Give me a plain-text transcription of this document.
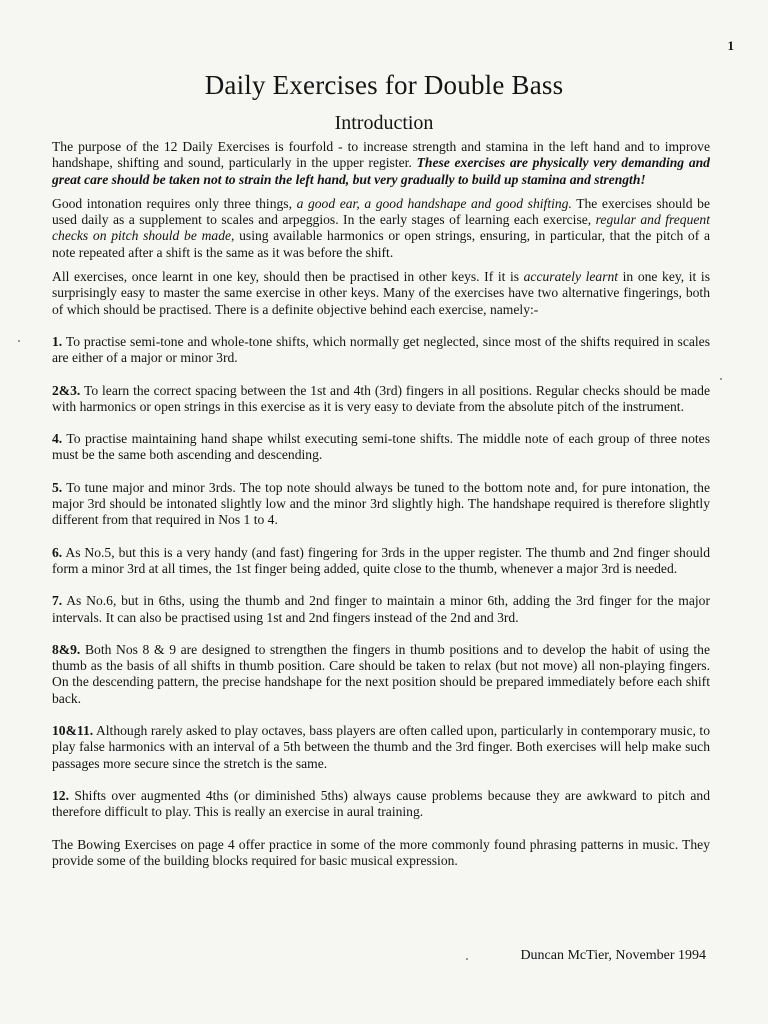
1
Daily Exercises for Double Bass
Introduction

The purpose of the 12 Daily Exercises is fourfold - to increase strength and stamina in the left hand and to improve handshape, shifting and sound, particularly in the upper register. These exercises are physically very demanding and great care should be taken not to strain the left hand, but very gradually to build up stamina and strength!

Good intonation requires only three things, a good ear, a good handshape and good shifting. The exercises should be used daily as a supplement to scales and arpeggios. In the early stages of learning each exercise, regular and frequent checks on pitch should be made, using available harmonics or open strings, ensuring, in particular, that the pitch of a note repeated after a shift is the same as it was before the shift.

All exercises, once learnt in one key, should then be practised in other keys. If it is accurately learnt in one key, it is surprisingly easy to master the same exercise in other keys. Many of the exercises have two alternative fingerings, both of which should be practised. There is a definite objective behind each exercise, namely:-

1. To practise semi-tone and whole-tone shifts, which normally get neglected, since most of the shifts required in scales are either of a major or minor 3rd.

2&3. To learn the correct spacing between the 1st and 4th (3rd) fingers in all positions. Regular checks should be made with harmonics or open strings in this exercise as it is very easy to deviate from the absolute pitch of the instrument.

4. To practise maintaining hand shape whilst executing semi-tone shifts. The middle note of each group of three notes must be the same both ascending and descending.

5. To tune major and minor 3rds. The top note should always be tuned to the bottom note and, for pure intonation, the major 3rd should be intonated slightly low and the minor 3rd slightly high. The handshape required is therefore slightly different from that required in Nos 1 to 4.

6. As No.5, but this is a very handy (and fast) fingering for 3rds in the upper register. The thumb and 2nd finger should form a minor 3rd at all times, the 1st finger being added, quite close to the thumb, whenever a major 3rd is needed.

7. As No.6, but in 6ths, using the thumb and 2nd finger to maintain a minor 6th, adding the 3rd finger for the major intervals. It can also be practised using 1st and 2nd fingers instead of the 2nd and 3rd.

8&9. Both Nos 8 & 9 are designed to strengthen the fingers in thumb positions and to develop the habit of using the thumb as the basis of all shifts in thumb position. Care should be taken to relax (but not move) all non-playing fingers. On the descending pattern, the precise handshape for the next position should be prepared immediately before each shift back.

10&11. Although rarely asked to play octaves, bass players are often called upon, particularly in contemporary music, to play false harmonics with an interval of a 5th between the thumb and the 3rd finger. Both exercises will help make such passages more secure since the stretch is the same.

12. Shifts over augmented 4ths (or diminished 5ths) always cause problems because they are awkward to pitch and therefore difficult to play. This is really an exercise in aural training.

The Bowing Exercises on page 4 offer practice in some of the more commonly found phrasing patterns in music. They provide some of the building blocks required for basic musical expression.

Duncan McTier, November 1994
